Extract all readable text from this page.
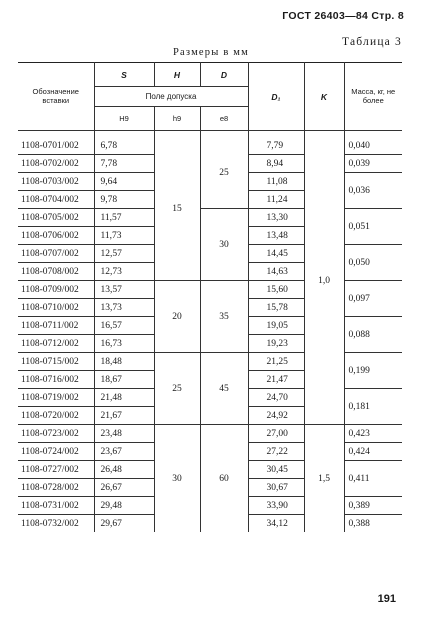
ГОСТ 26403—84 Стр. 8
Таблица 3
Размеры в мм
Обозначение вставки	S	H	D	D₁	K	Масса, кг, не более

	Поле допуска					
	H9	h9	e8			
1108-0701/002	6,78	15	25	7,79	1,0	0,040
1108-0702/002	7,78			8,94		0,039
1108-0703/002	9,64			11,08		0,036
1108-0704/002	9,78			11,24		
1108-0705/002	11,57		30	13,30		0,051
1108-0706/002	11,73			13,48		
1108-0707/002	12,57			14,45		0,050
1108-0708/002	12,73			14,63		
1108-0709/002	13,57	20	35	15,60		0,097
1108-0710/002	13,73			15,78		
1108-0711/002	16,57			19,05		0,088
1108-0712/002	16,73			19,23		
1108-0715/002	18,48	25	45	21,25		0,199
1108-0716/002	18,67			21,47		
1108-0719/002	21,48			24,70		0,181
1108-0720/002	21,67			24,92		
1108-0723/002	23,48	30	60	27,00	1,5	0,423
1108-0724/002	23,67			27,22		0,424
1108-0727/002	26,48			30,45		0,411
1108-0728/002	26,67			30,67		
1108-0731/002	29,48			33,90		0,389
1108-0732/002	29,67			34,12		0,388
191
